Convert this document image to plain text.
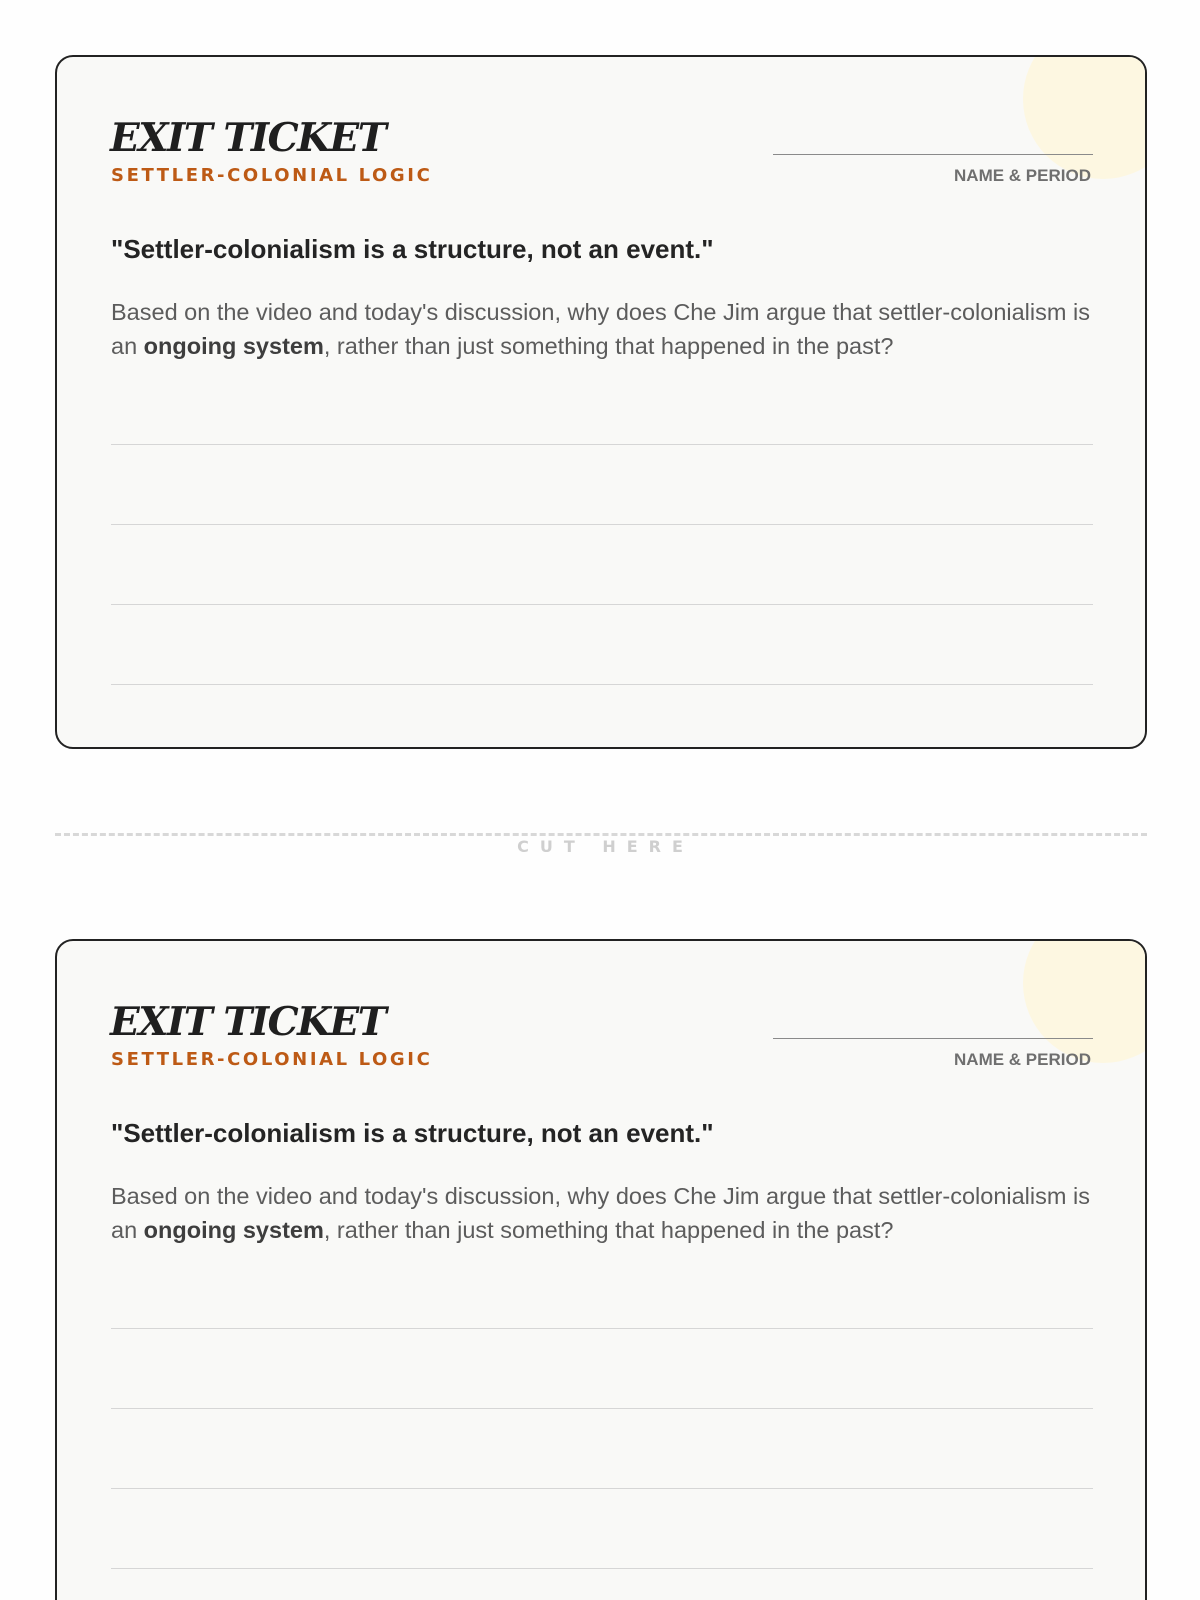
EXIT TICKET
SETTLER-COLONIAL LOGIC	NAME & PERIOD
"Settler-colonialism is a structure, not an event."
Based on the video and today's discussion, why does Che Jim argue that settler-colonialism is an ongoing system, rather than just something that happened in the past?
CUT HERE
EXIT TICKET
SETTLER-COLONIAL LOGIC	NAME & PERIOD
"Settler-colonialism is a structure, not an event."
Based on the video and today's discussion, why does Che Jim argue that settler-colonialism is an ongoing system, rather than just something that happened in the past?
